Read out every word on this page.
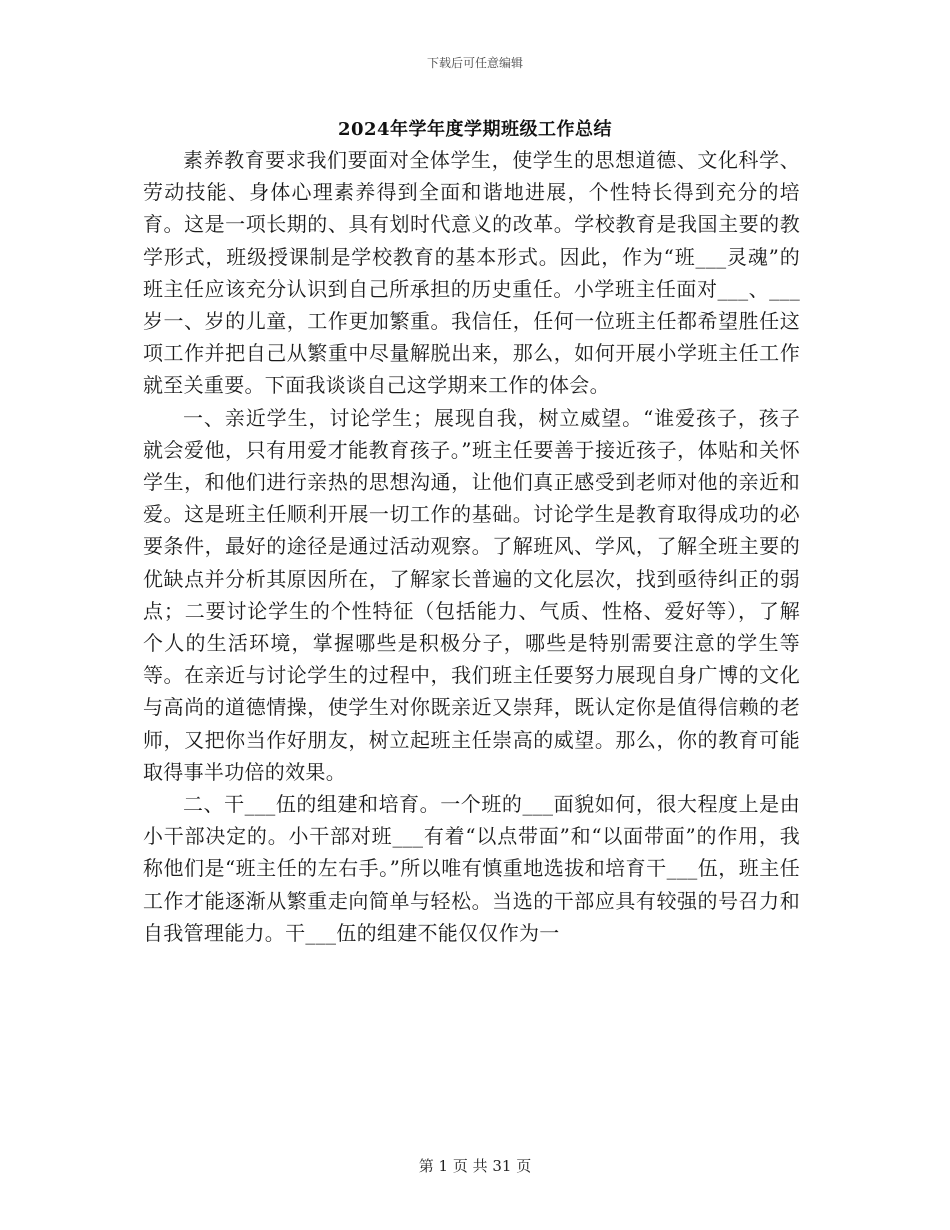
下载后可任意编辑
2024年学年度学期班级工作总结

素养教育要求我们要面对全体学生，使学生的思想道德、文化科学、劳动技能、身体心理素养得到全面和谐地进展，个性特长得到充分的培育。这是一项长期的、具有划时代意义的改革。学校教育是我国主要的教学形式，班级授课制是学校教育的基本形式。因此，作为“班___灵魂”的班主任应该充分认识到自己所承担的历史重任。小学班主任面对___、___岁一、岁的儿童，工作更加繁重。我信任，任何一位班主任都希望胜任这项工作并把自己从繁重中尽量解脱出来，那么，如何开展小学班主任工作就至关重要。下面我谈谈自己这学期来工作的体会。

一、亲近学生，讨论学生；展现自我，树立威望。“谁爱孩子，孩子就会爱他，只有用爱才能教育孩子。”班主任要善于接近孩子，体贴和关怀学生，和他们进行亲热的思想沟通，让他们真正感受到老师对他的亲近和爱。这是班主任顺利开展一切工作的基础。讨论学生是教育取得成功的必要条件，最好的途径是通过活动观察。了解班风、学风，了解全班主要的优缺点并分析其原因所在，了解家长普遍的文化层次，找到亟待纠正的弱点；二要讨论学生的个性特征（包括能力、气质、性格、爱好等），了解个人的生活环境，掌握哪些是积极分子，哪些是特别需要注意的学生等等。在亲近与讨论学生的过程中，我们班主任要努力展现自身广博的文化与高尚的道德情操，使学生对你既亲近又崇拜，既认定你是值得信赖的老师，又把你当作好朋友，树立起班主任崇高的威望。那么，你的教育可能取得事半功倍的效果。

二、干___伍的组建和培育。一个班的___面貌如何，很大程度上是由小干部决定的。小干部对班___有着“以点带面”和“以面带面”的作用，我称他们是“班主任的左右手。”所以唯有慎重地选拔和培育干___伍，班主任工作才能逐渐从繁重走向简单与轻松。当选的干部应具有较强的号召力和自我管理能力。干___伍的组建不能仅仅作为一

第 1 页 共 31 页
